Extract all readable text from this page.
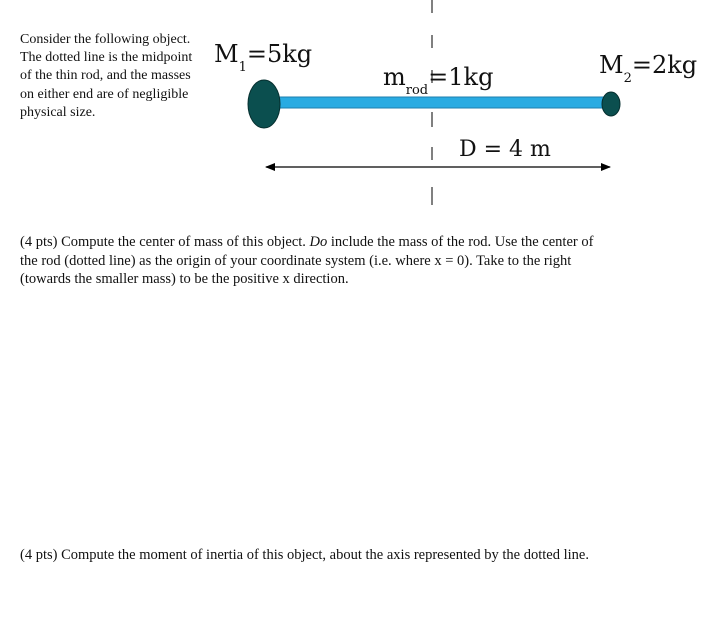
Consider the following object. The dotted line is the midpoint of the thin rod, and the masses on either end are of negligible physical size.
$M_1=5kg$
$m_{rod}=1kg$	$M_2=2kg$
D = 4 m
(4 pts) Compute the center of mass of this object. Do include the mass of the rod. Use the center of the rod (dotted line) as the origin of your coordinate system (i.e. where x = 0). Take to the right (towards the smaller mass) to be the positive x direction.
(4 pts) Compute the moment of inertia of this object, about the axis represented by the dotted line.
